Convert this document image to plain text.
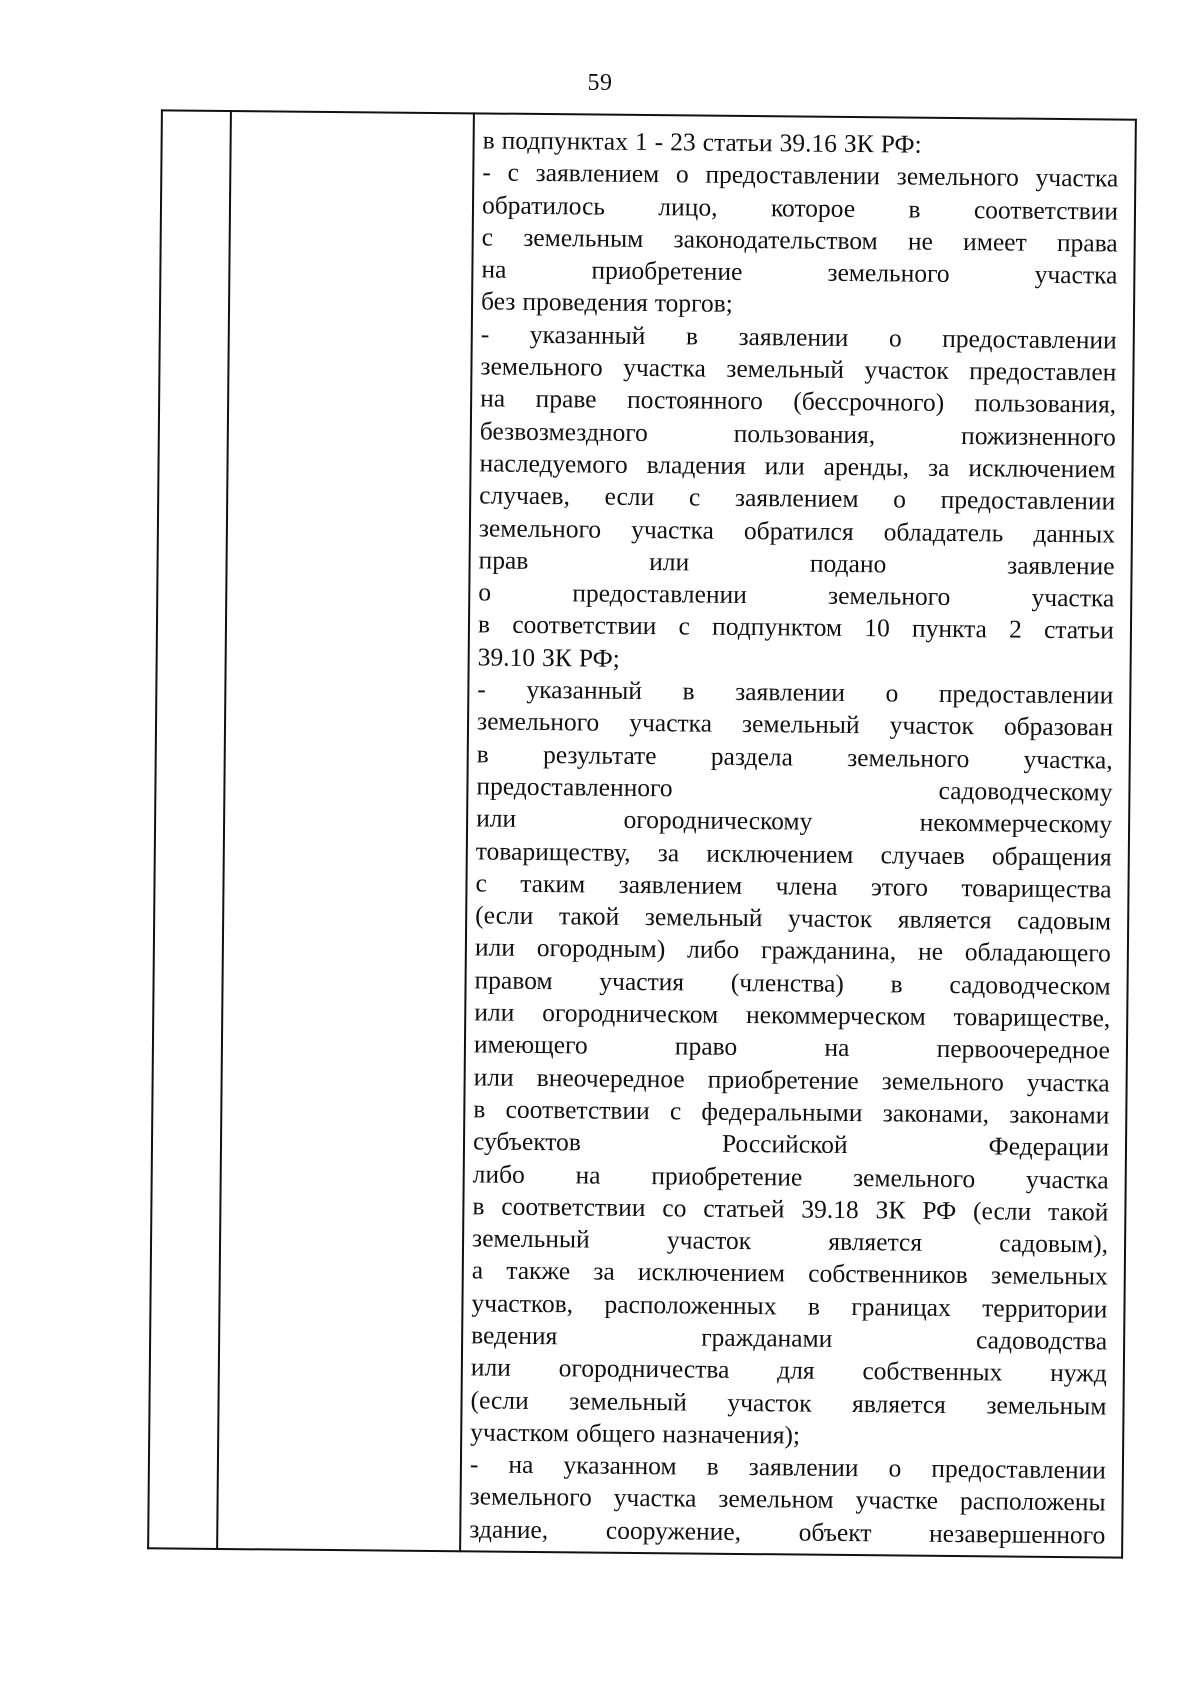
59
в подпунктах 1 - 23 статьи 39.16 ЗК РФ:
- с заявлением о предоставлении земельного участка
обратилось лицо, которое в соответствии
с земельным законодательством не имеет права
на	приобретение	земельного	участка
без проведения торгов;
- указанный в заявлении о предоставлении
земельного участка земельный участок предоставлен
на праве постоянного (бессрочного) пользования,
безвозмездного	пользования,	пожизненного
наследуемого владения или аренды, за исключением
случаев, если с заявлением о предоставлении
земельного участка обратился обладатель данных
прав	или	подано	заявление
о	предоставлении	земельного	участка
в соответствии с подпунктом 10 пункта 2 статьи
39.10 ЗК РФ;
- указанный в заявлении о предоставлении
земельного участка земельный участок образован
в результате раздела земельного участка,
предоставленного	садоводческому
или	огородническому	некоммерческому
товариществу, за исключением случаев обращения
с таким заявлением члена этого товарищества
(если такой земельный участок является садовым
или огородным) либо гражданина, не обладающего
правом участия (членства) в садоводческом
или огородническом некоммерческом товариществе,
имеющего	право	на	первоочередное
или внеочередное приобретение земельного участка
в соответствии с федеральными законами, законами
субъектов	Российской	Федерации
либо на приобретение земельного участка
в соответствии со статьей 39.18 ЗК РФ (если такой
земельный	участок	является	садовым),
а также за исключением собственников земельных
участков, расположенных в границах территории
ведения	гражданами	садоводства
или огородничества для собственных нужд
(если земельный участок является земельным
участком общего назначения);
- на указанном в заявлении о предоставлении
земельного участка земельном участке расположены
здание, сооружение, объект незавершенного
